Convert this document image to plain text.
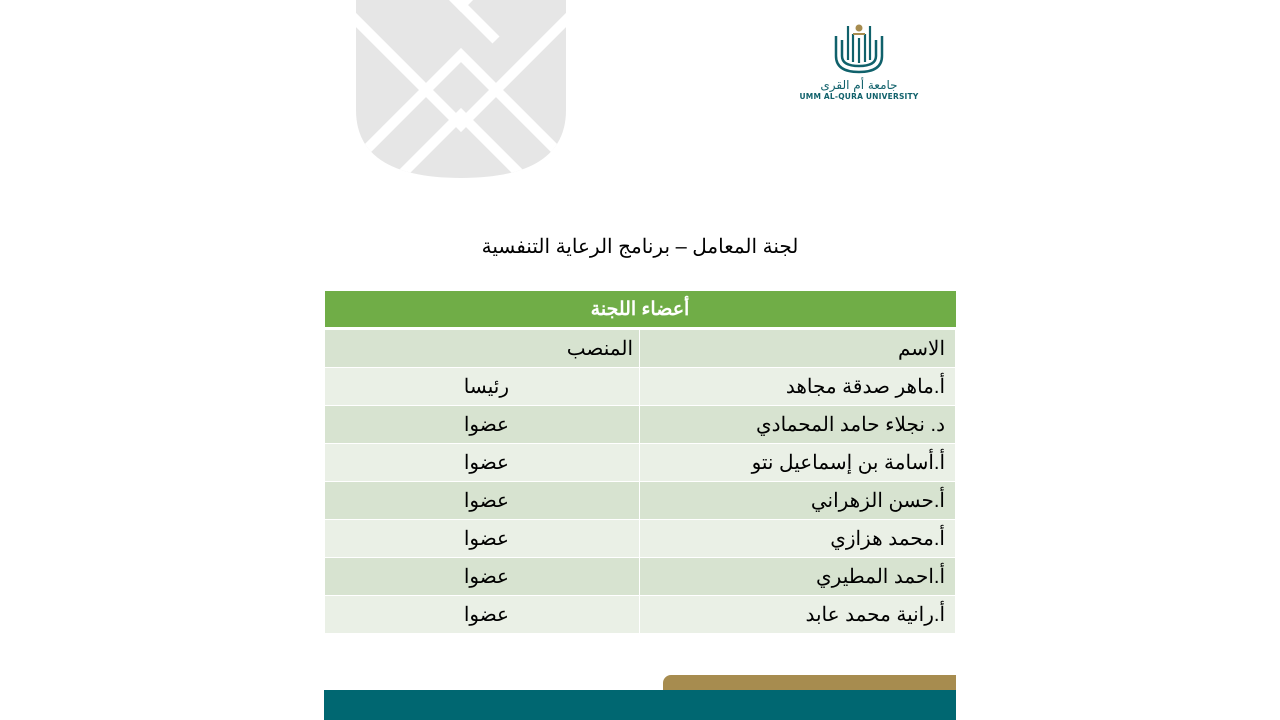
جامعة أم القرى
UMM AL-QURA UNIVERSITY
لجنة المعامل – برنامج الرعاية التنفسية
أعضاء اللجنة	
الاسم	المنصب
أ.ماهر صدقة مجاهد	رئيسا
د. نجلاء حامد المحمادي	عضوا
أ.أسامة بن إسماعيل نتو	عضوا
أ.حسن الزهراني	عضوا
أ.محمد هزازي	عضوا
أ.احمد المطيري	عضوا
أ.رانية محمد عابد	عضوا
